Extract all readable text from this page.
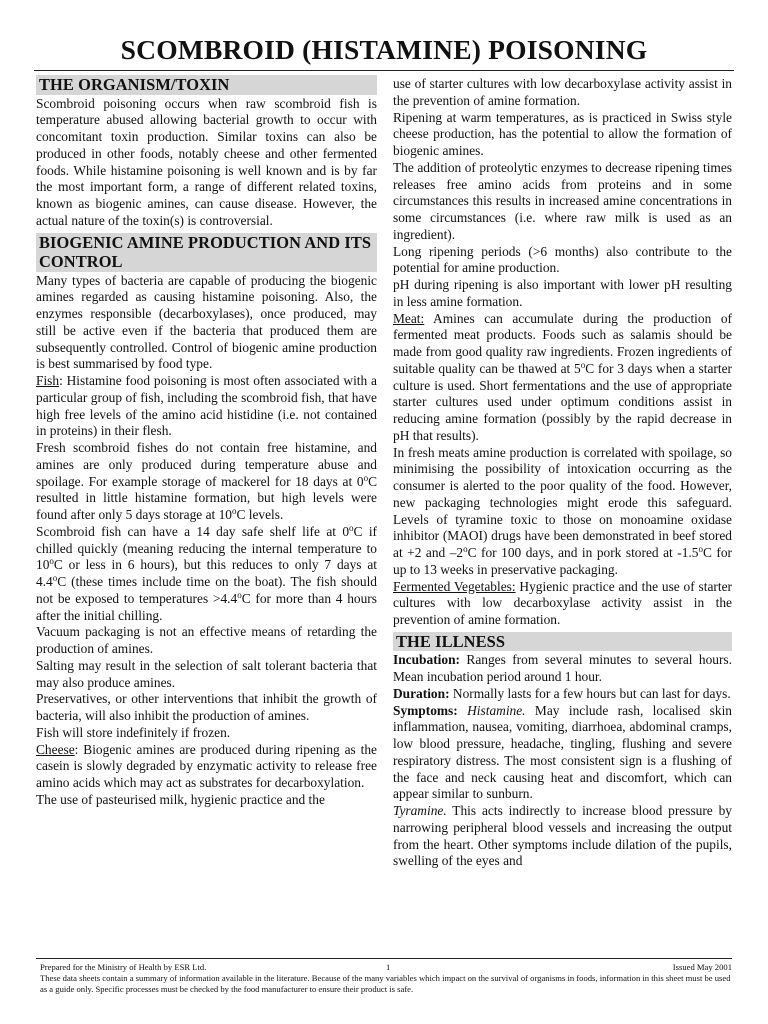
SCOMBROID (HISTAMINE) POISONING
THE ORGANISM/TOXIN

Scombroid poisoning occurs when raw scombroid fish is temperature abused allowing bacterial growth to occur with concomitant toxin production. Similar toxins can also be produced in other foods, notably cheese and other fermented foods. While histamine poisoning is well known and is by far the most important form, a range of different related toxins, known as biogenic amines, can cause disease. However, the actual nature of the toxin(s) is controversial.

BIOGENIC AMINE PRODUCTION AND ITS CONTROL

Many types of bacteria are capable of producing the biogenic amines regarded as causing histamine poisoning. Also, the enzymes responsible (decarboxylases), once produced, may still be active even if the bacteria that produced them are subsequently controlled. Control of biogenic amine production is best summarised by food type.

Fish: Histamine food poisoning is most often associated with a particular group of fish, including the scombroid fish, that have high free levels of the amino acid histidine (i.e. not contained in proteins) in their flesh.

Fresh scombroid fishes do not contain free histamine, and amines are only produced during temperature abuse and spoilage. For example storage of mackerel for 18 days at 0$^o$C resulted in little histamine formation, but high levels were found after only 5 days storage at 10$^o$C levels.

Scombroid fish can have a 14 day safe shelf life at 0$^o$C if chilled quickly (meaning reducing the internal temperature to 10$^o$C or less in 6 hours), but this reduces to only 7 days at 4.4$^o$C (these times include time on the boat). The fish should not be exposed to temperatures $>4.4^oC$ for more than 4 hours after the initial chilling.

Vacuum packaging is not an effective means of retarding the production of amines.

Salting may result in the selection of salt tolerant bacteria that may also produce amines.

Preservatives, or other interventions that inhibit the growth of bacteria, will also inhibit the production of amines.

Fish will store indefinitely if frozen.

Cheese: Biogenic amines are produced during ripening as the casein is slowly degraded by enzymatic activity to release free amino acids which may act as substrates for decarboxylation.

The use of pasteurised milk, hygienic practice and the

use of starter cultures with low decarboxylase activity assist in the prevention of amine formation.

Ripening at warm temperatures, as is practiced in Swiss style cheese production, has the potential to allow the formation of biogenic amines.

The addition of proteolytic enzymes to decrease ripening times releases free amino acids from proteins and in some circumstances this results in increased amine concentrations in some circumstances (i.e. where raw milk is used as an ingredient).

Long ripening periods (>6 months) also contribute to the potential for amine production.

pH during ripening is also important with lower pH resulting in less amine formation.

Meat: Amines can accumulate during the production of fermented meat products. Foods such as salamis should be made from good quality raw ingredients. Frozen ingredients of suitable quality can be thawed at 5$^o$C for 3 days when a starter culture is used. Short fermentations and the use of appropriate starter cultures used under optimum conditions assist in reducing amine formation (possibly by the rapid decrease in pH that results).

In fresh meats amine production is correlated with spoilage, so minimising the possibility of intoxication occurring as the consumer is alerted to the poor quality of the food. However, new packaging technologies might erode this safeguard. Levels of tyramine toxic to those on monoamine oxidase inhibitor (MAOI) drugs have been demonstrated in beef stored at +2 and –2$^o$C for 100 days, and in pork stored at -1.5$^o$C for up to 13 weeks in preservative packaging.

Fermented Vegetables: Hygienic practice and the use of starter cultures with low decarboxylase activity assist in the prevention of amine formation.

THE ILLNESS

Incubation: Ranges from several minutes to several hours. Mean incubation period around 1 hour.

Duration: Normally lasts for a few hours but can last for days.

Symptoms: Histamine. May include rash, localised skin inflammation, nausea, vomiting, diarrhoea, abdominal cramps, low blood pressure, headache, tingling, flushing and severe respiratory distress. The most consistent sign is a flushing of the face and neck causing heat and discomfort, which can appear similar to sunburn.

Tyramine. This acts indirectly to increase blood pressure by narrowing peripheral blood vessels and increasing the output from the heart. Other symptoms include dilation of the pupils, swelling of the eyes and

Prepared for the Ministry of Health by ESR Ltd.	1	Issued May 2001
These data sheets contain a summary of information available in the literature. Because of the many variables which impact on the survival of organisms in foods, information in this sheet must be used as a guide only. Specific processes must be checked by the food manufacturer to ensure their product is safe.
